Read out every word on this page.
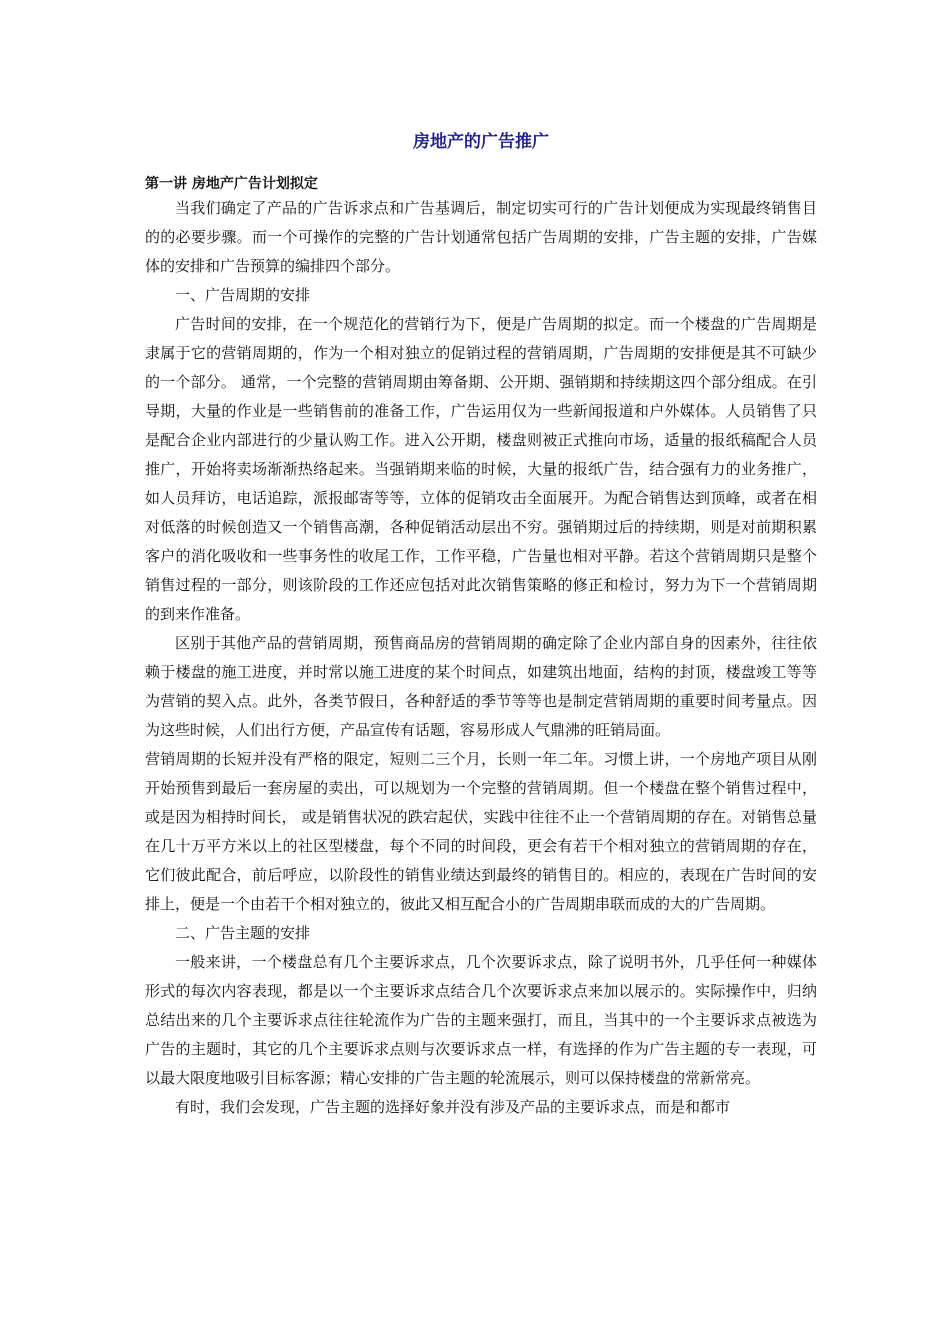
房地产的广告推广
第一讲 房地产广告计划拟定

当我们确定了产品的广告诉求点和广告基调后，制定切实可行的广告计划便成为实现最终销售目的的必要步骤。而一个可操作的完整的广告计划通常包括广告周期的安排，广告主题的安排，广告媒体的安排和广告预算的编排四个部分。

一、广告周期的安排

广告时间的安排，在一个规范化的营销行为下，便是广告周期的拟定。而一个楼盘的广告周期是隶属于它的营销周期的，作为一个相对独立的促销过程的营销周期，广告周期的安排便是其不可缺少的一个部分。 通常，一个完整的营销周期由筹备期、公开期、强销期和持续期这四个部分组成。在引导期，大量的作业是一些销售前的准备工作，广告运用仅为一些新闻报道和户外媒体。人员销售了只是配合企业内部进行的少量认购工作。进入公开期，楼盘则被正式推向市场，适量的报纸稿配合人员推广，开始将卖场渐渐热络起来。当强销期来临的时候，大量的报纸广告，结合强有力的业务推广，如人员拜访，电话追踪，派报邮寄等等，立体的促销攻击全面展开。为配合销售达到顶峰，或者在相对低落的时候创造又一个销售高潮，各种促销活动层出不穷。强销期过后的持续期，则是对前期积累客户的消化吸收和一些事务性的收尾工作，工作平稳，广告量也相对平静。若这个营销周期只是整个销售过程的一部分，则该阶段的工作还应包括对此次销售策略的修正和检讨，努力为下一个营销周期的到来作准备。

区别于其他产品的营销周期，预售商品房的营销周期的确定除了企业内部自身的因素外，往往依赖于楼盘的施工进度，并时常以施工进度的某个时间点，如建筑出地面，结构的封顶，楼盘竣工等等为营销的契入点。此外，各类节假日，各种舒适的季节等等也是制定营销周期的重要时间考量点。因为这些时候，人们出行方便，产品宣传有话题，容易形成人气鼎沸的旺销局面。

营销周期的长短并没有严格的限定，短则二三个月，长则一年二年。习惯上讲，一个房地产项目从刚开始预售到最后一套房屋的卖出，可以规划为一个完整的营销周期。但一个楼盘在整个销售过程中，或是因为相持时间长， 或是销售状况的跌宕起伏，实践中往往不止一个营销周期的存在。对销售总量在几十万平方米以上的社区型楼盘，每个不同的时间段，更会有若干个相对独立的营销周期的存在，它们彼此配合，前后呼应，以阶段性的销售业绩达到最终的销售目的。相应的，表现在广告时间的安排上，便是一个由若干个相对独立的，彼此又相互配合小的广告周期串联而成的大的广告周期。

二、广告主题的安排

一般来讲，一个楼盘总有几个主要诉求点，几个次要诉求点，除了说明书外，几乎任何一种媒体形式的每次内容表现，都是以一个主要诉求点结合几个次要诉求点来加以展示的。实际操作中，归纳总结出来的几个主要诉求点往往轮流作为广告的主题来强打，而且，当其中的一个主要诉求点被选为广告的主题时，其它的几个主要诉求点则与次要诉求点一样，有选择的作为广告主题的专一表现，可以最大限度地吸引目标客源；精心安排的广告主题的轮流展示，则可以保持楼盘的常新常亮。

有时，我们会发现，广告主题的选择好象并没有涉及产品的主要诉求点，而是和都市
